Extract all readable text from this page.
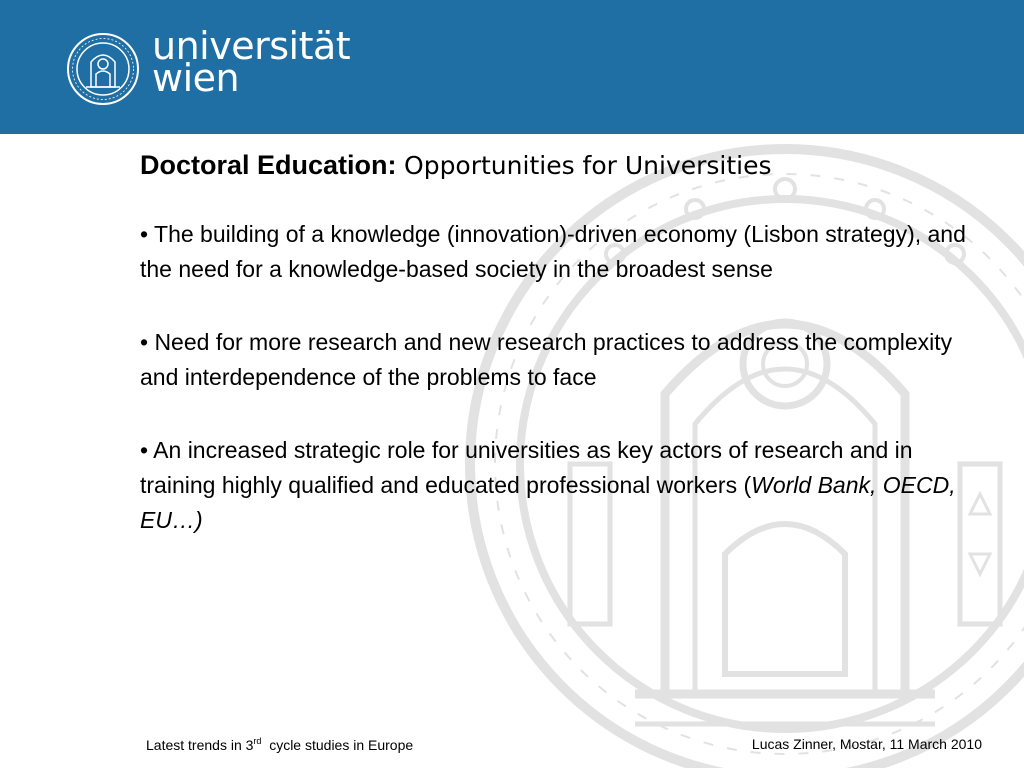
universität
wien
Doctoral Education: Opportunities for Universities

• The building of a knowledge (innovation)-driven economy (Lisbon strategy), and the need for a knowledge-based society in the broadest sense

• Need for more research and new research practices to address the complexity and interdependence of the problems to face

• An increased strategic role for universities as key actors of research and in training highly qualified and educated professional workers (World Bank, OECD, EU…)

Latest trends in 3rd  cycle studies in Europe	Lucas Zinner, Mostar, 11 March 2010
